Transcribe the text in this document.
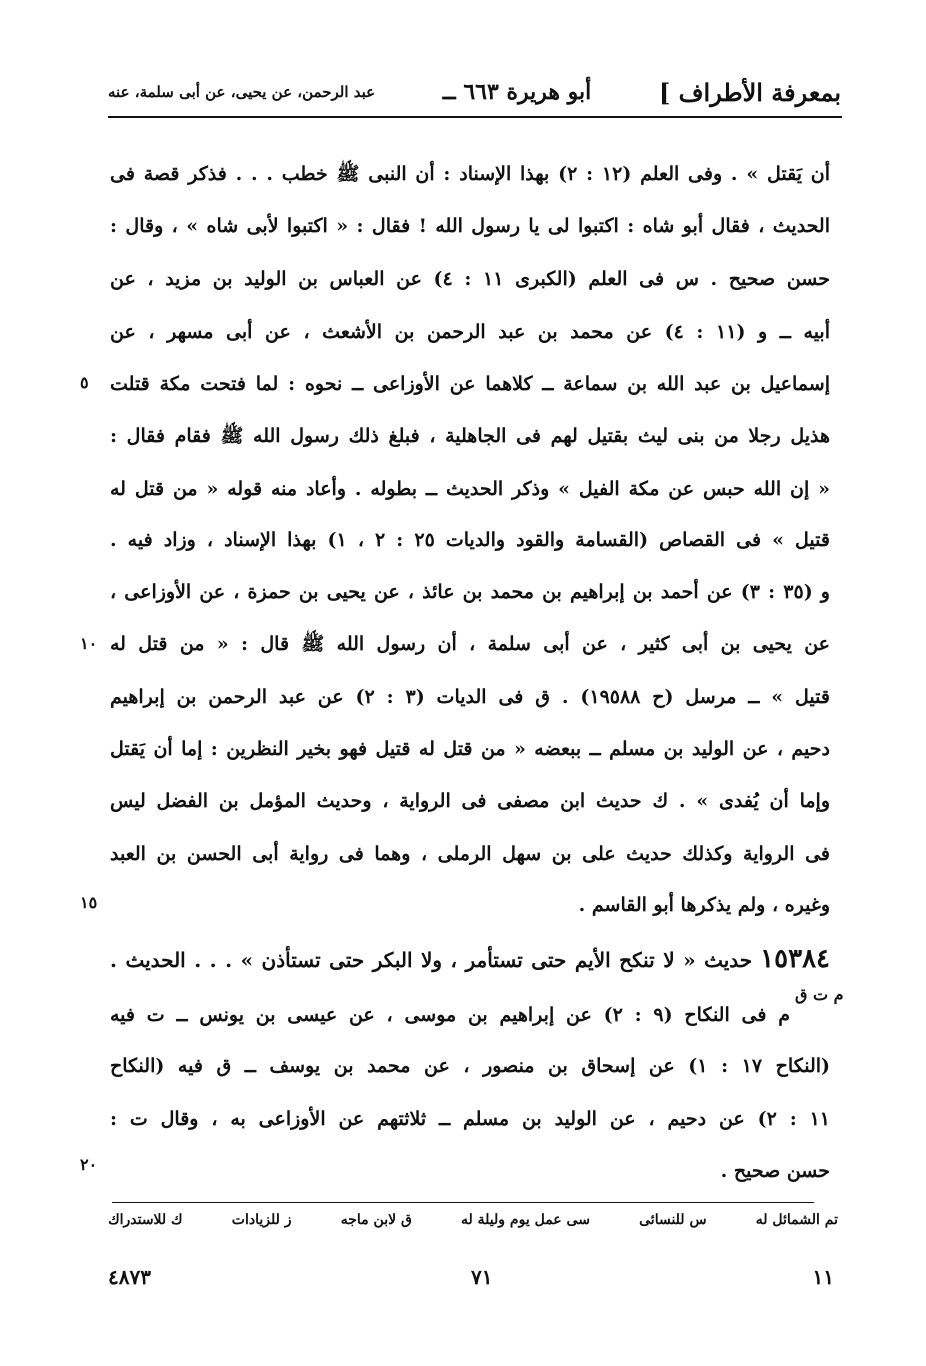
بمعرفة الأطراف ]
أبو هريرة ٦٦٣ ــ
عبد الرحمن، عن يحيى، عن أبى سلمة، عنه
أن يَقتل » . وفى العلم (١٢ : ٢) بهذا الإسناد : أن النبى ﷺ خطب . . . فذكر قصة فى
الحديث ، فقال أبو شاه : اكتبوا لى يا رسول الله ! فقال : « اكتبوا لأبى شاه » ، وقال :
حسن صحيح . س فى العلم (الكبرى ١١ : ٤) عن العباس بن الوليد بن مزيد ، عن
أبيه ــ و (١١ : ٤) عن محمد بن عبد الرحمن بن الأشعث ، عن أبى مسهر ، عن
إسماعيل بن عبد الله بن سماعة ــ كلاهما عن الأوزاعى ــ نحوه : لما فتحت مكة قتلت
هذيل رجلا من بنى ليث بقتيل لهم فى الجاهلية ، فبلغ ذلك رسول الله ﷺ فقام فقال :
« إن الله حبس عن مكة الفيل » وذكر الحديث ــ بطوله . وأعاد منه قوله « من قتل له
قتيل » فى القصاص (القسامة والقود والديات ٢٥ : ٢ ، ١) بهذا الإسناد ، وزاد فيه .
و (٣٥ : ٣) عن أحمد بن إبراهيم بن محمد بن عائذ ، عن يحيى بن حمزة ، عن الأوزاعى ،
عن يحيى بن أبى كثير ، عن أبى سلمة ، أن رسول الله ﷺ قال : « من قتل له
قتيل » ــ مرسل (ح ١٩٥٨٨) . ق فى الديات (٣ : ٢) عن عبد الرحمن بن إبراهيم
دحيم ، عن الوليد بن مسلم ــ ببعضه « من قتل له قتيل فهو بخير النظرين : إما أن يَقتل
وإما أن يُفدى » . ك حديث ابن مصفى فى الرواية ، وحديث المؤمل بن الفضل ليس
فى الرواية وكذلك حديث على بن سهل الرملى ، وهما فى رواية أبى الحسن بن العبد
وغيره ، ولم يذكرها أبو القاسم .
١٥٣٨٤حديث « لا تنكح الأيم حتى تستأمر ، ولا البكر حتى تستأذن » . . . الحديث .
م ت ق
م فى النكاح (٩ : ٢) عن إبراهيم بن موسى ، عن عيسى بن يونس ــ ت فيه
(النكاح ١٧ : ١) عن إسحاق بن منصور ، عن محمد بن يوسف ــ ق فيه (النكاح
١١ : ٢) عن دحيم ، عن الوليد بن مسلم ــ ثلاثتهم عن الأوزاعى به ، وقال ت :
حسن صحيح .
٥
١٠
١٥
٢٠
تم الشمائل له
س للنسائى
سى عمل يوم وليلة له
ق لابن ماجه
ز للزيادات
ك للاستدراك
١١
٧١
٤٨٧٣
